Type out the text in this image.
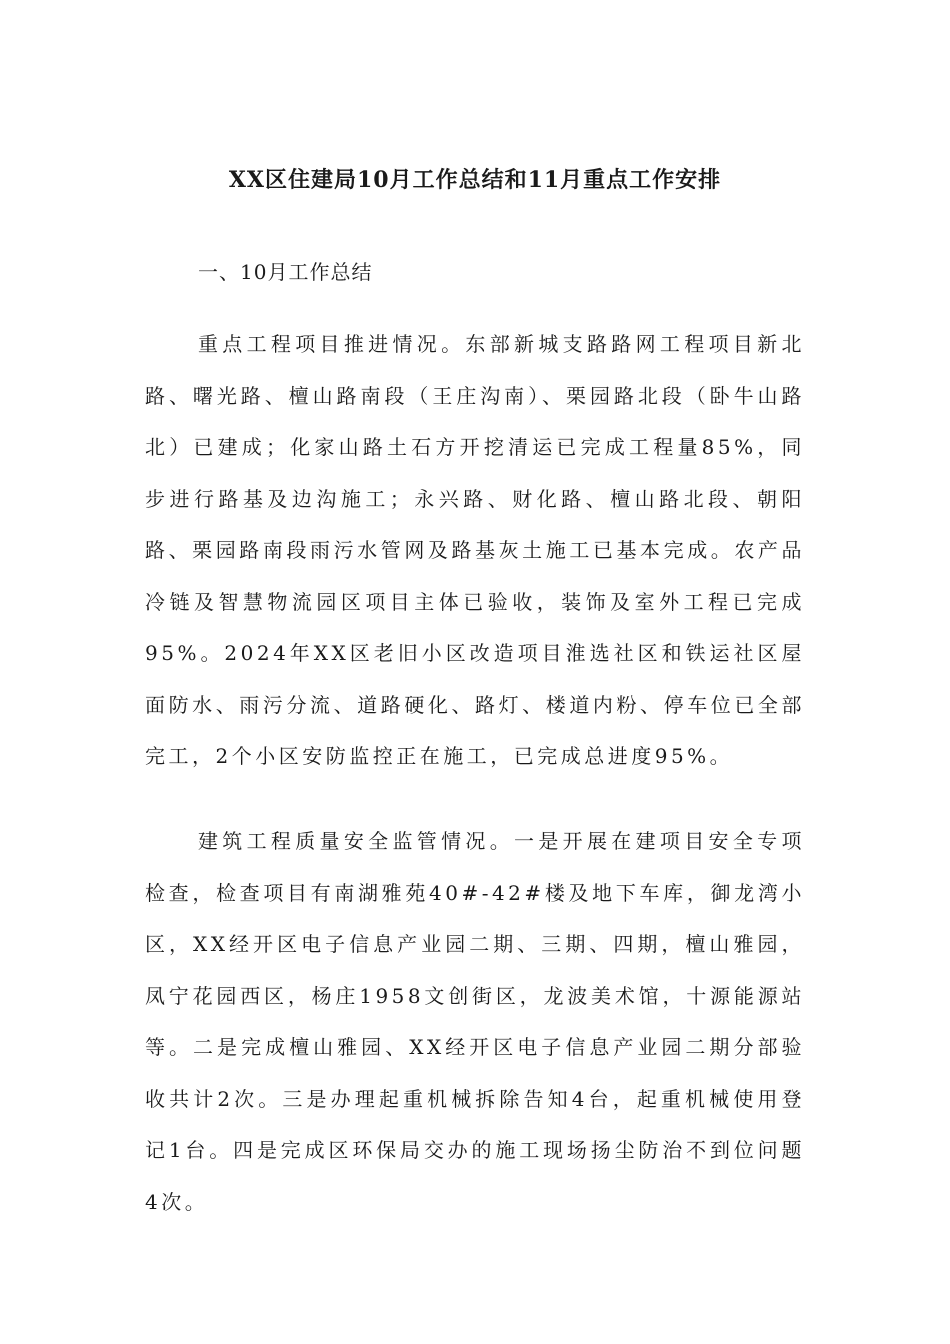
XX区住建局10月工作总结和11月重点工作安排
一、10月工作总结

重点工程项目推进情况。东部新城支路路网工程项目新北路、曙光路、檀山路南段（王庄沟南）、栗园路北段（卧牛山路北）已建成；化家山路土石方开挖清运已完成工程量85%，同步进行路基及边沟施工；永兴路、财化路、檀山路北段、朝阳路、栗园路南段雨污水管网及路基灰土施工已基本完成。农产品冷链及智慧物流园区项目主体已验收，装饰及室外工程已完成95%。2024年XX区老旧小区改造项目淮选社区和铁运社区屋面防水、雨污分流、道路硬化、路灯、楼道内粉、停车位已全部完工，2个小区安防监控正在施工，已完成总进度95%。

建筑工程质量安全监管情况。一是开展在建项目安全专项检查，检查项目有南湖雅苑40#-42#楼及地下车库，御龙湾小区，XX经开区电子信息产业园二期、三期、四期，檀山雅园，凤宁花园西区，杨庄1958文创街区，龙波美术馆，十源能源站等。二是完成檀山雅园、XX经开区电子信息产业园二期分部验收共计2次。三是办理起重机械拆除告知4台，起重机械使用登记1台。四是完成区环保局交办的施工现场扬尘防治不到位问题4次。
